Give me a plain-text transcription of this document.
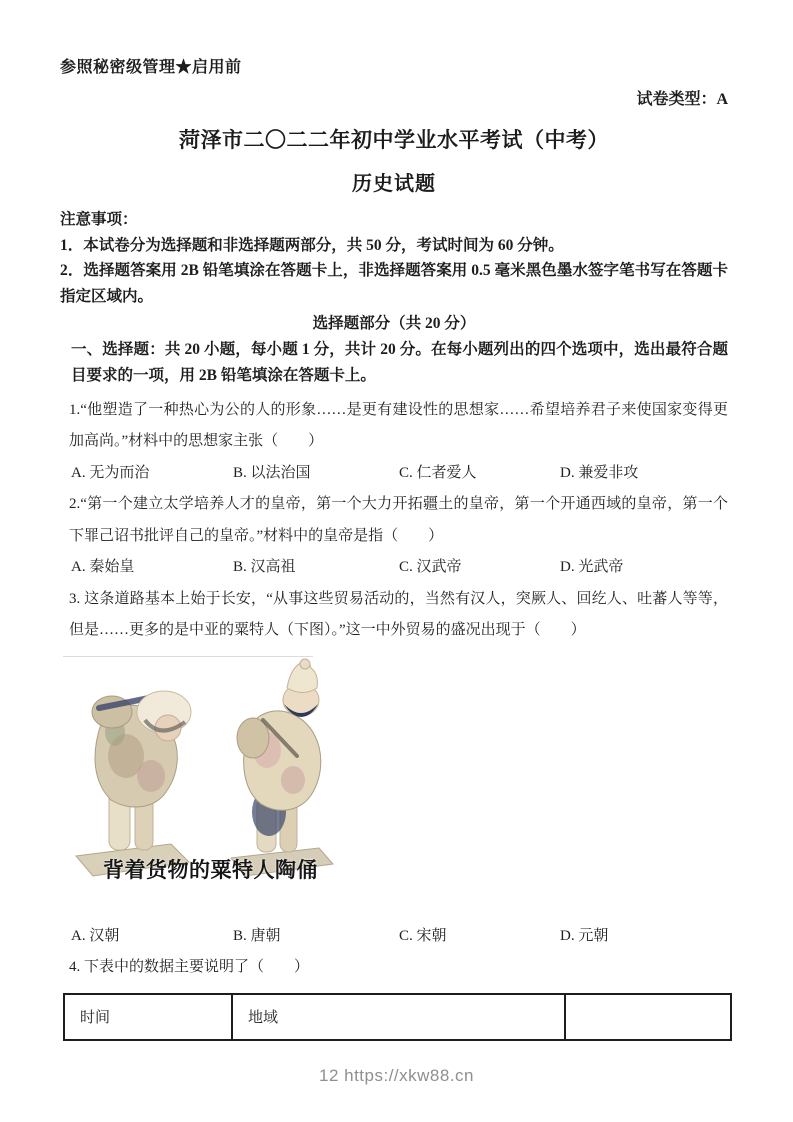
参照秘密级管理★启用前
试卷类型：A
菏泽市二〇二二年初中学业水平考试（中考）
历史试题
注意事项：

1．本试卷分为选择题和非选择题两部分，共 50 分，考试时间为 60 分钟。

2．选择题答案用 2B 铅笔填涂在答题卡上，非选择题答案用 0.5 毫米黑色墨水签字笔书写在答题卡指定区域内。

选择题部分（共 20 分）

一、选择题：共 20 小题，每小题 1 分，共计 20 分。在每小题列出的四个选项中，选出最符合题目要求的一项，用 2B 铅笔填涂在答题卡上。

1.“他塑造了一种热心为公的人的形象……是更有建设性的思想家……希望培养君子来使国家变得更加高尚。”材料中的思想家主张（　　）

A. 无为而治	B. 以法治国	C. 仁者爱人	D. 兼爱非攻

2.“第一个建立太学培养人才的皇帝，第一个大力开拓疆土的皇帝，第一个开通西域的皇帝，第一个下罪己诏书批评自己的皇帝。”材料中的皇帝是指（　　）

A. 秦始皇	B. 汉高祖	C. 汉武帝	D. 光武帝

3. 这条道路基本上始于长安，“从事这些贸易活动的，当然有汉人，突厥人、回纥人、吐蕃人等等，但是……更多的是中亚的粟特人（下图）。”这一中外贸易的盛况出现于（　　）

背着货物的粟特人陶俑
A. 汉朝	B. 唐朝	C. 宋朝	D. 元朝

4. 下表中的数据主要说明了（　　）

时间	地域	
12 https://xkw88.cn
